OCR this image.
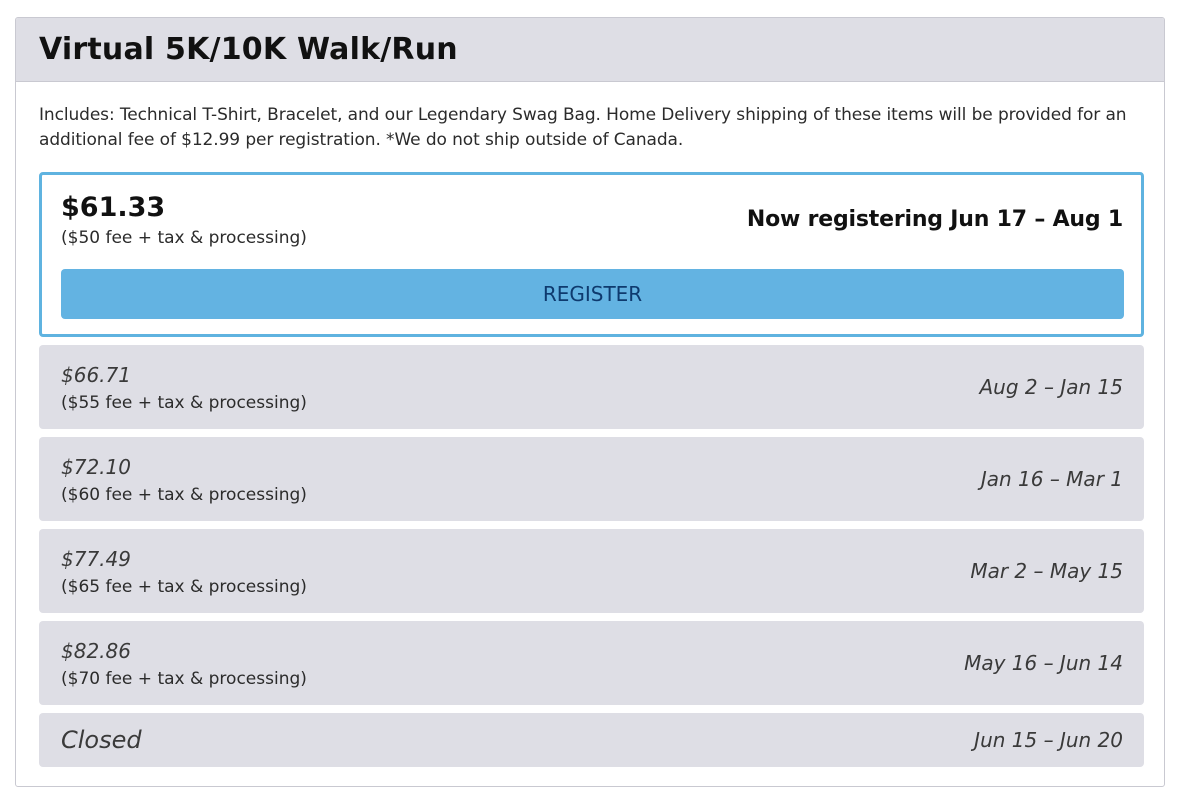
Virtual 5K/10K Walk/Run

Includes: Technical T-Shirt, Bracelet, and our Legendary Swag Bag. Home Delivery shipping of these items will be provided for an additional fee of $12.99 per registration. *We do not ship outside of Canada.

$61.33
($50 fee + tax & processing)
Now registering Jun 17 – Aug 1
REGISTER
$66.71
($55 fee + tax & processing)
Aug 2 – Jan 15
$72.10
($60 fee + tax & processing)
Jan 16 – Mar 1
$77.49
($65 fee + tax & processing)
Mar 2 – May 15
$82.86
($70 fee + tax & processing)
May 16 – Jun 14
Closed	Jun 15 – Jun 20
